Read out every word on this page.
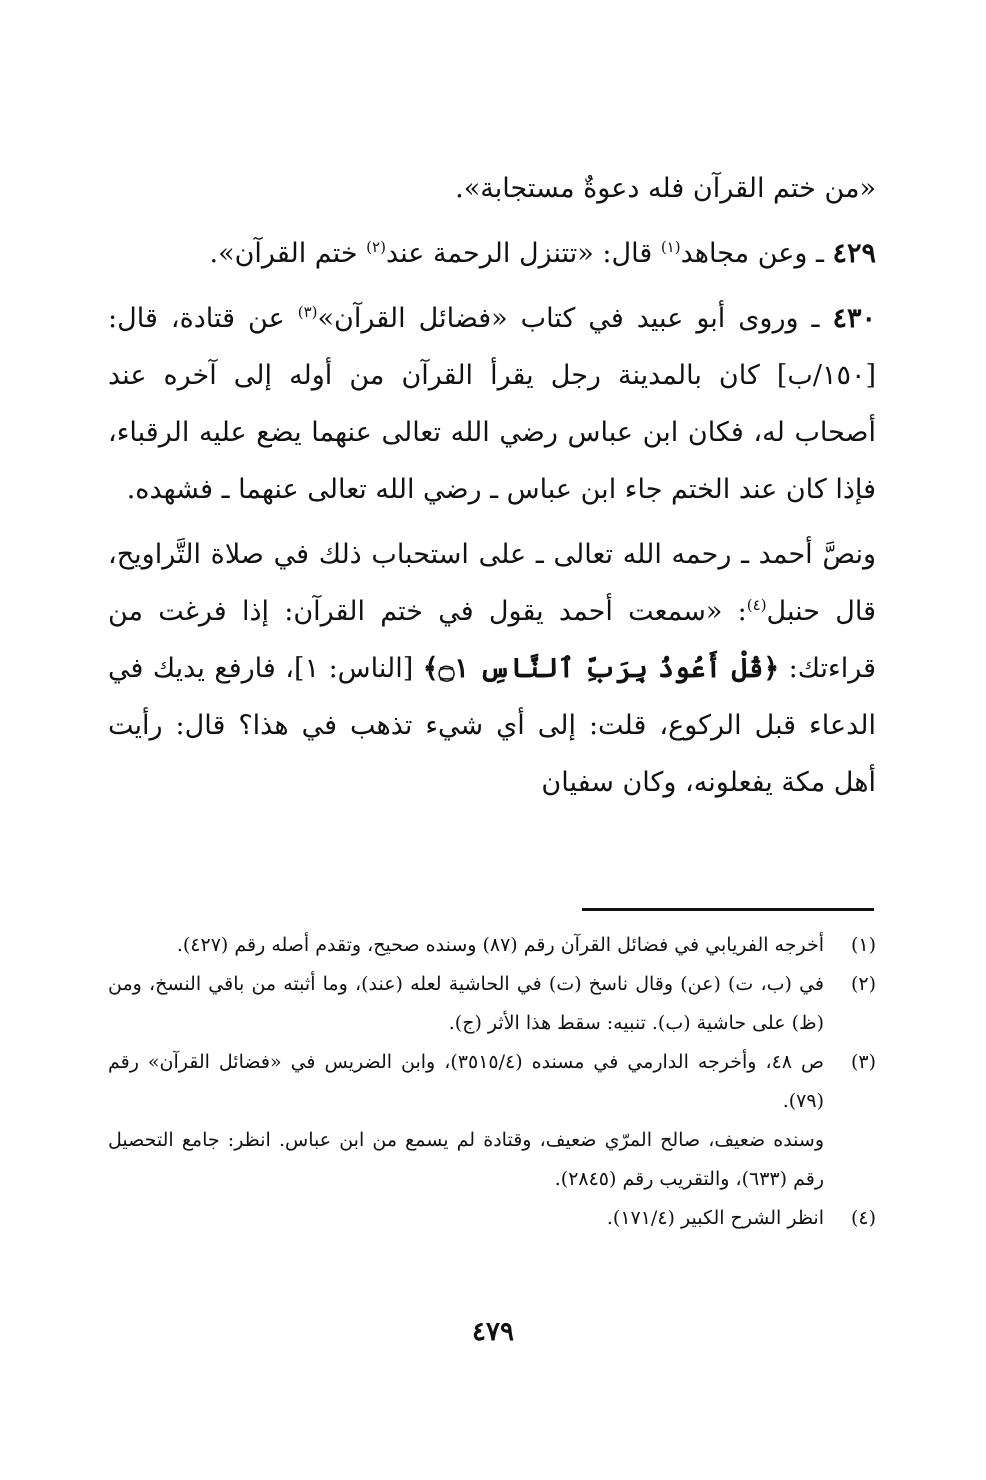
«من ختم القرآن فله دعوةٌ مستجابة».

٤٢٩ ـ وعن مجاهد$^{(١)}$ قال: «تتنزل الرحمة عند$^{(٢)}$ ختم القرآن».

٤٣٠ ـ وروى أبو عبيد في كتاب «فضائل القرآن»$^{(٣)}$ عن قتادة، قال: [١٥٠/ب] كان بالمدينة رجل يقرأ القرآن من أوله إلى آخره عند أصحاب له، فكان ابن عباس رضي الله تعالى عنهما يضع عليه الرقباء، فإذا كان عند الختم جاء ابن عباس ـ رضي الله تعالى عنهما ـ فشهده.

ونصَّ أحمد ـ رحمه الله تعالى ـ على استحباب ذلك في صلاة التَّراويح، قال حنبل$^{(٤)}$: «سمعت أحمد يقول في ختم القرآن: إذا فرغت من قراءتك: ﴿قُلْ أَعُوذُ بِرَبِّ ٱلنَّاسِ ۝١﴾ [الناس: ١]، فارفع يديك في الدعاء قبل الركوع، قلت: إلى أي شيء تذهب في هذا؟ قال: رأيت أهل مكة يفعلونه، وكان سفيان

(١)
أخرجه الفريابي في فضائل القرآن رقم (٨٧) وسنده صحيح، وتقدم أصله رقم (٤٢٧).
(٢)
في (ب، ت) (عن) وقال ناسخ (ت) في الحاشية لعله (عند)، وما أثبته من باقي النسخ، ومن (ظ) على حاشية (ب). تنبيه: سقط هذا الأثر (ج).
(٣)
ص ٤٨، وأخرجه الدارمي في مسنده (٣٥١٥/٤)، وابن الضريس في «فضائل القرآن» رقم (٧٩).
وسنده ضعيف، صالح المرّي ضعيف، وقتادة لم يسمع من ابن عباس. انظر: جامع التحصيل رقم (٦٣٣)، والتقريب رقم (٢٨٤٥).
(٤)
انظر الشرح الكبير (١٧١/٤).
٤٧٩
